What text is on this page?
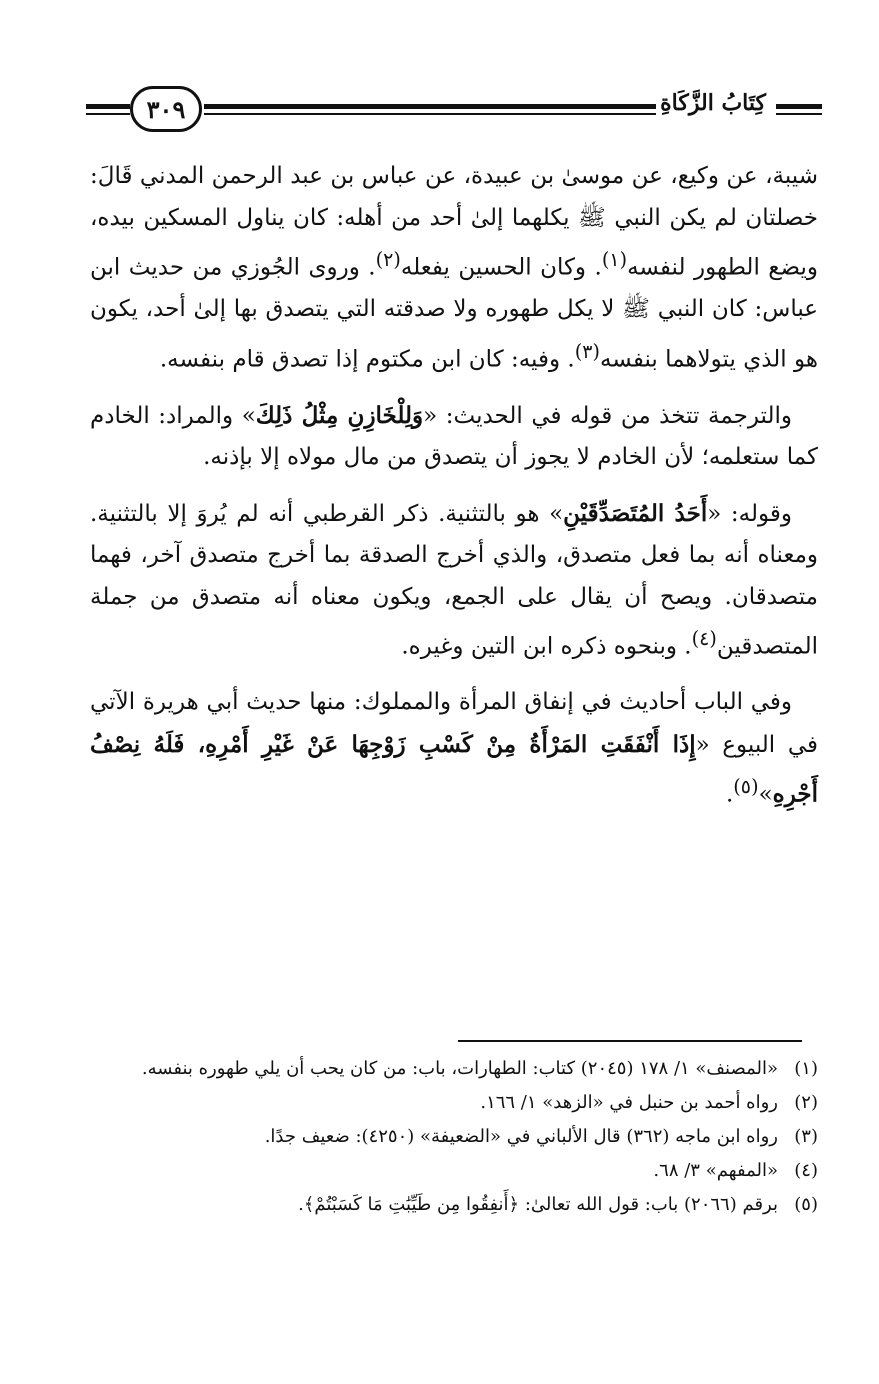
٣٠٩	كِتَابُ الزَّكَاةِ

شيبة، عن وكيع، عن موسىٰ بن عبيدة، عن عباس بن عبد الرحمن المدني قَالَ: خصلتان لم يكن النبي ﷺ يكلهما إلىٰ أحد من أهله: كان يناول المسكين بيده، ويضع الطهور لنفسه$^{(١)}$. وكان الحسين يفعله$^{(٢)}$. وروى الجُوزي من حديث ابن عباس: كان النبي ﷺ لا يكل طهوره ولا صدقته التي يتصدق بها إلىٰ أحد، يكون هو الذي يتولاهما بنفسه$^{(٣)}$. وفيه: كان ابن مكتوم إذا تصدق قام بنفسه.

والترجمة تتخذ من قوله في الحديث: «وَلِلْخَازِنِ مِثْلُ ذَلِكَ» والمراد: الخادم كما ستعلمه؛ لأن الخادم لا يجوز أن يتصدق من مال مولاه إلا بإذنه.

وقوله: «أَحَدُ المُتَصَدِّقَيْنِ» هو بالتثنية. ذكر القرطبي أنه لم يُروَ إلا بالتثنية. ومعناه أنه بما فعل متصدق، والذي أخرج الصدقة بما أخرج متصدق آخر، فهما متصدقان. ويصح أن يقال على الجمع، ويكون معناه أنه متصدق من جملة المتصدقين$^{(٤)}$. وبنحوه ذكره ابن التين وغيره.

وفي الباب أحاديث في إنفاق المرأة والمملوك: منها حديث أبي هريرة الآتي في البيوع «إِذَا أَنْفَقَتِ المَرْأَةُ مِنْ كَسْبِ زَوْجِهَا عَنْ غَيْرِ أَمْرِهِ، فَلَهُ نِصْفُ أَجْرِهِ»$^{(٥)}$.

(١)
«المصنف» ١/ ١٧٨ (٢٠٤٥) كتاب: الطهارات، باب: من كان يحب أن يلي طهوره بنفسه.
(٢)
رواه أحمد بن حنبل في «الزهد» ١/ ١٦٦.
(٣)
رواه ابن ماجه (٣٦٢) قال الألباني في «الضعيفة» (٤٢٥٠): ضعيف جدًا.
(٤)
«المفهم» ٣/ ٦٨.
(٥)
برقم (٢٠٦٦) باب: قول الله تعالىٰ: ﴿أَنفِقُوا مِن طَيِّبَٰتِ مَا كَسَبْتُمْ﴾.
